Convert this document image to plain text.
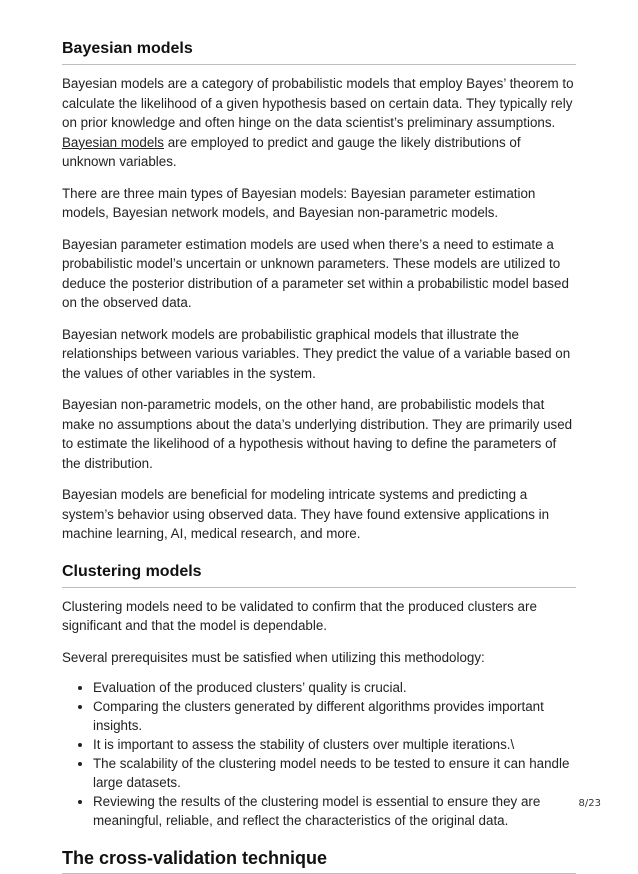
Bayesian models

Bayesian models are a category of probabilistic models that employ Bayes’ theorem to calculate the likelihood of a given hypothesis based on certain data. They typically rely on prior knowledge and often hinge on the data scientist’s preliminary assumptions. Bayesian models are employed to predict and gauge the likely distributions of unknown variables.

There are three main types of Bayesian models: Bayesian parameter estimation models, Bayesian network models, and Bayesian non-parametric models.

Bayesian parameter estimation models are used when there’s a need to estimate a probabilistic model’s uncertain or unknown parameters. These models are utilized to deduce the posterior distribution of a parameter set within a probabilistic model based on the observed data.

Bayesian network models are probabilistic graphical models that illustrate the relationships between various variables. They predict the value of a variable based on the values of other variables in the system.

Bayesian non-parametric models, on the other hand, are probabilistic models that make no assumptions about the data’s underlying distribution. They are primarily used to estimate the likelihood of a hypothesis without having to define the parameters of the distribution.

Bayesian models are beneficial for modeling intricate systems and predicting a system’s behavior using observed data. They have found extensive applications in machine learning, AI, medical research, and more.

Clustering models

Clustering models need to be validated to confirm that the produced clusters are significant and that the model is dependable.

Several prerequisites must be satisfied when utilizing this methodology:

• Evaluation of the produced clusters’ quality is crucial.
• Comparing the clusters generated by different algorithms provides important insights.
• It is important to assess the stability of clusters over multiple iterations.\
• The scalability of the clustering model needs to be tested to ensure it can handle large datasets.
• Reviewing the results of the clustering model is essential to ensure they are meaningful, reliable, and reflect the characteristics of the original data.
The cross-validation technique
8/23
